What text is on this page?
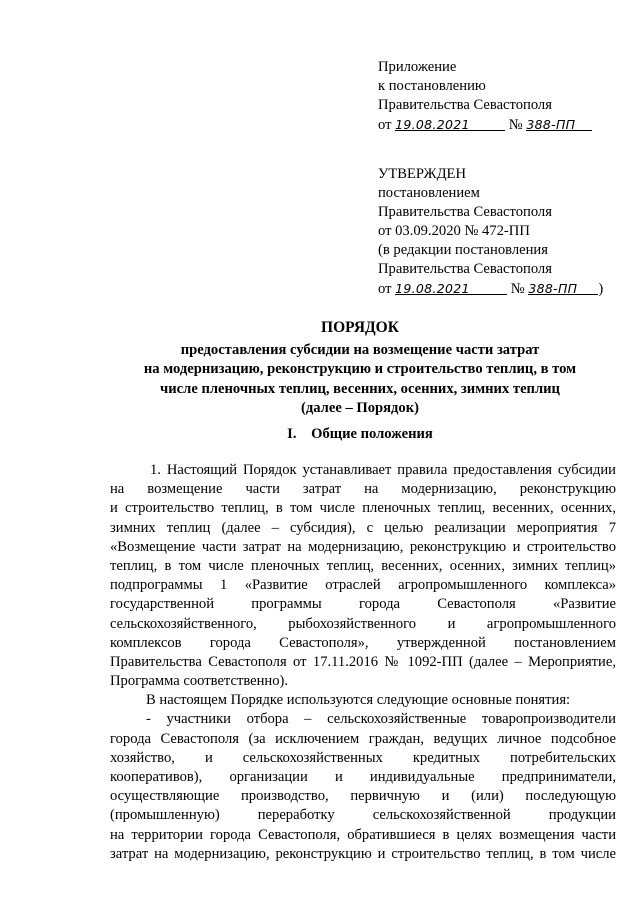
Приложение
к постановлению
Правительства Севастополя
от 19.08.2021	№ 388-ПП
УТВЕРЖДЕН
постановлением
Правительства Севастополя
от 03.09.2020 № 472-ПП
(в редакции постановления
Правительства Севастополя
от 19.08.2021	№ 388-ПП )
ПОРЯДОК
предоставления субсидии на возмещение части затрат
на модернизацию, реконструкцию и строительство теплиц, в том
числе пленочных теплиц, весенних, осенних, зимних теплиц
(далее – Порядок)
I. Общие положения
1. Настоящий Порядок устанавливает правила предоставления субсидии
на возмещение части затрат на модернизацию, реконструкцию
и строительство теплиц, в том числе пленочных теплиц, весенних, осенних,
зимних теплиц (далее – субсидия), с целью реализации мероприятия 7
«Возмещение части затрат на модернизацию, реконструкцию и строительство
теплиц, в том числе пленочных теплиц, весенних, осенних, зимних теплиц»
подпрограммы 1 «Развитие отраслей агропромышленного комплекса»
государственной программы города Севастополя «Развитие
сельскохозяйственного, рыбохозяйственного и агропромышленного
комплексов города Севастополя», утвержденной постановлением
Правительства Севастополя от 17.11.2016 № 1092-ПП (далее – Мероприятие,
Программа соответственно).
В настоящем Порядке используются следующие основные понятия:
- участники отбора – сельскохозяйственные товаропроизводители
города Севастополя (за исключением граждан, ведущих личное подсобное
хозяйство, и сельскохозяйственных кредитных потребительских
кооперативов), организации и индивидуальные предприниматели,
осуществляющие производство, первичную и (или) последующую
(промышленную) переработку сельскохозяйственной продукции
на территории города Севастополя, обратившиеся в целях возмещения части
затрат на модернизацию, реконструкцию и строительство теплиц, в том числе
